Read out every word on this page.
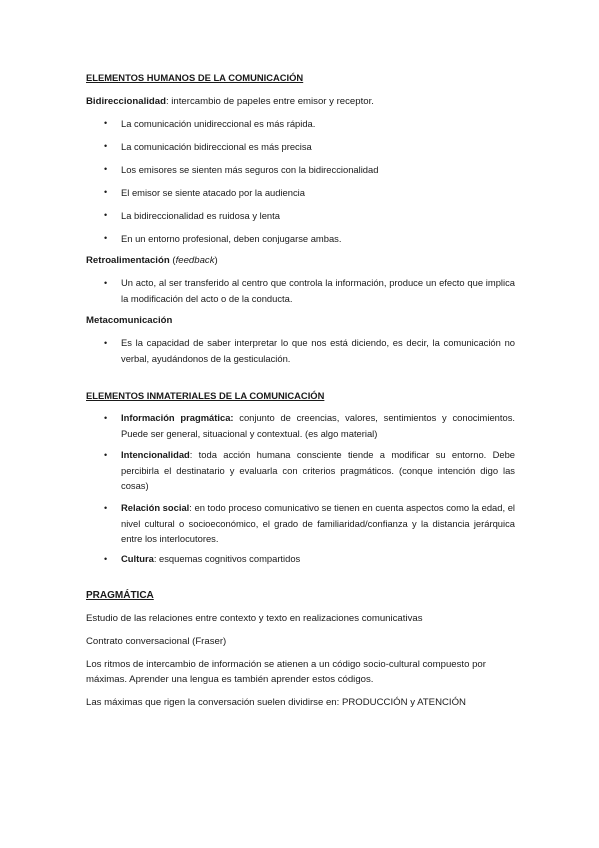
ELEMENTOS HUMANOS DE LA COMUNICACIÓN
Bidireccionalidad: intercambio de papeles entre emisor y receptor.
• La comunicación unidireccional es más rápida.
• La comunicación bidireccional es más precisa
• Los emisores se sienten más seguros con la bidireccionalidad
• El emisor se siente atacado por la audiencia
• La bidireccionalidad es ruidosa y lenta
• En un entorno profesional, deben conjugarse ambas.
Retroalimentación (feedback)
• Un acto, al ser transferido al centro que controla la información, produce un efecto que implica la modificación del acto o de la conducta.
Metacomunicación
• Es la capacidad de saber interpretar lo que nos está diciendo, es decir, la comunicación no verbal, ayudándonos de la gesticulación.
ELEMENTOS INMATERIALES DE LA COMUNICACIÓN
• Información pragmática: conjunto de creencias, valores, sentimientos y conocimientos. Puede ser general, situacional y contextual. (es algo material)
• Intencionalidad: toda acción humana consciente tiende a modificar su entorno. Debe percibirla el destinatario y evaluarla con criterios pragmáticos. (conque intención digo las cosas)
• Relación social: en todo proceso comunicativo se tienen en cuenta aspectos como la edad, el nivel cultural o socioeconómico, el grado de familiaridad/confianza y la distancia jerárquica entre los interlocutores.
• Cultura: esquemas cognitivos compartidos
PRAGMÁTICA
Estudio de las relaciones entre contexto y texto en realizaciones comunicativas
Contrato conversacional (Fraser)
Los ritmos de intercambio de información se atienen a un código socio-cultural compuesto por
máximas. Aprender una lengua es también aprender estos códigos.
Las máximas que rigen la conversación suelen dividirse en: PRODUCCIÓN y ATENCIÓN
